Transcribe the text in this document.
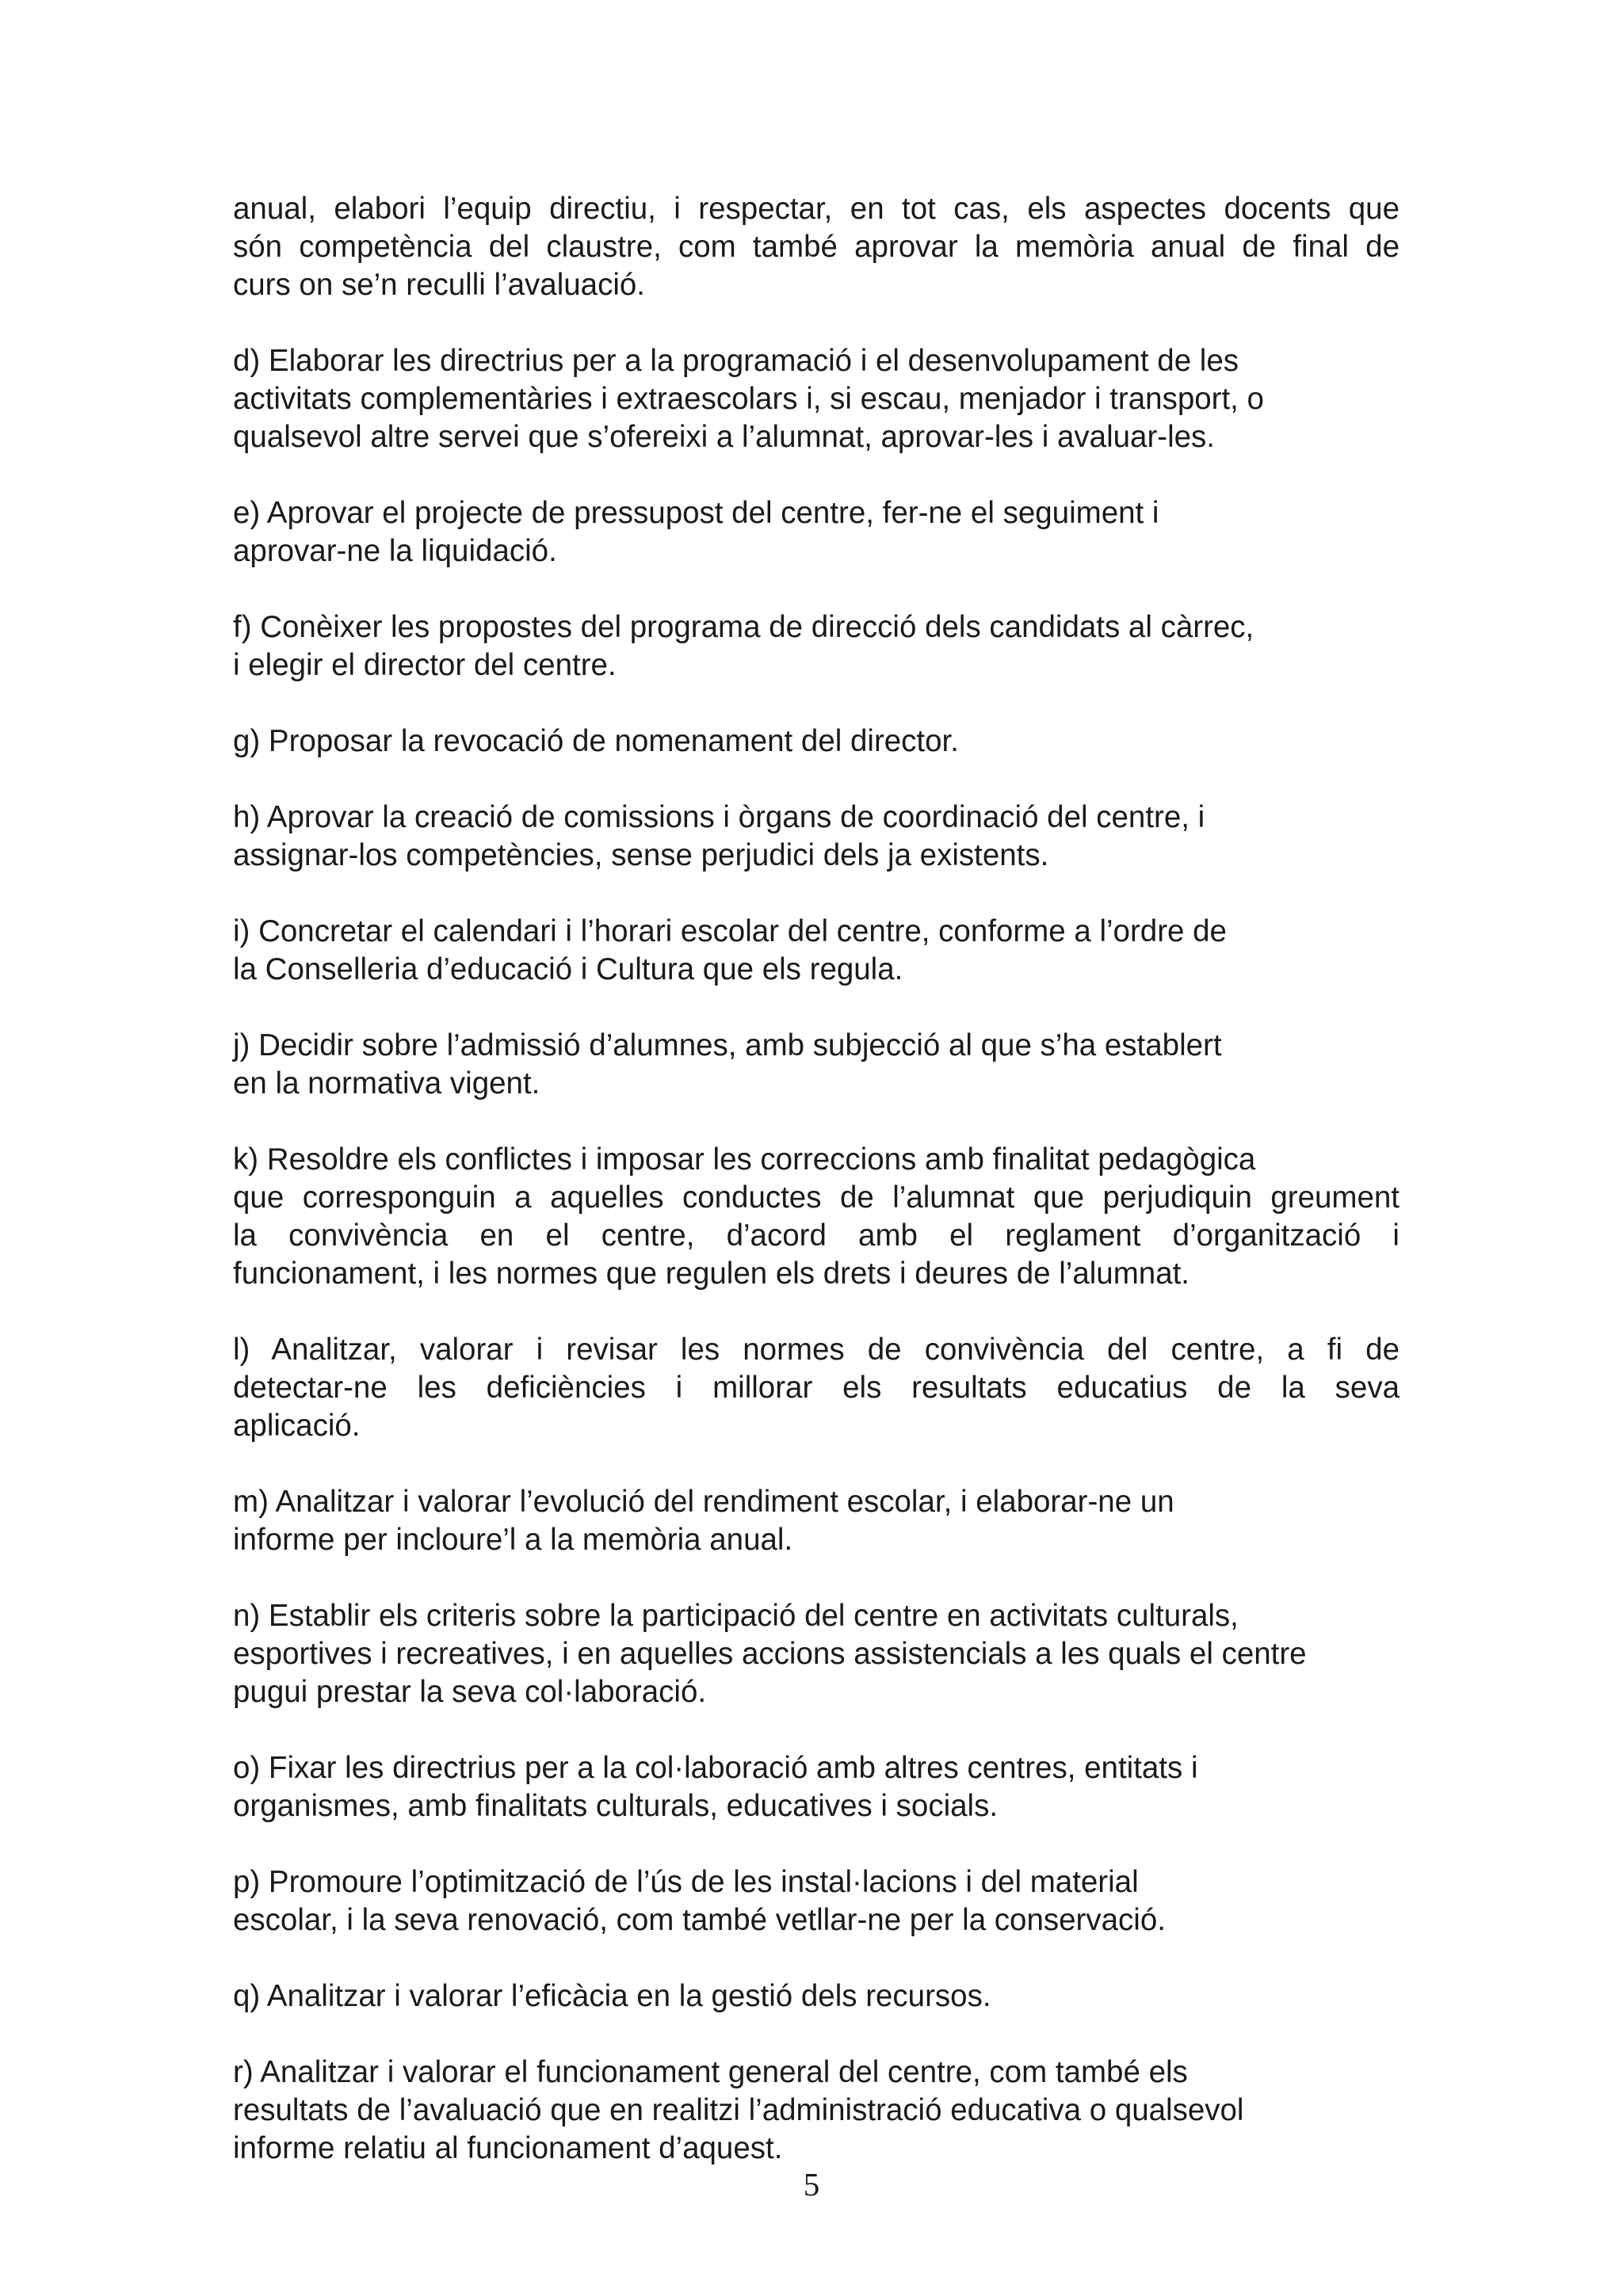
anual, elabori l’equip directiu, i respectar, en tot cas, els aspectes docents que
són competència del claustre, com també aprovar la memòria anual de final de
curs on se’n reculli l’avaluació.

d) Elaborar les directrius per a la programació i el desenvolupament de les
activitats complementàries i extraescolars i, si escau, menjador i transport, o
qualsevol altre servei que s’ofereixi a l’alumnat, aprovar-les i avaluar-les.

e) Aprovar el projecte de pressupost del centre, fer-ne el seguiment i
aprovar-ne la liquidació.

f) Conèixer les propostes del programa de direcció dels candidats al càrrec,
i elegir el director del centre.

g) Proposar la revocació de nomenament del director.

h) Aprovar la creació de comissions i òrgans de coordinació del centre, i
assignar-los competències, sense perjudici dels ja existents.

i) Concretar el calendari i l’horari escolar del centre, conforme a l’ordre de
la Conselleria d’educació i Cultura que els regula.

j) Decidir sobre l’admissió d’alumnes, amb subjecció al que s’ha establert
en la normativa vigent.

k) Resoldre els conflictes i imposar les correccions amb finalitat pedagògica
que corresponguin a aquelles conductes de l’alumnat que perjudiquin greument
la convivència en el centre, d’acord amb el reglament d’organització i
funcionament, i les normes que regulen els drets i deures de l’alumnat.

l) Analitzar, valorar i revisar les normes de convivència del centre, a fi de
detectar-ne les deficiències i millorar els resultats educatius de la seva
aplicació.

m) Analitzar i valorar l’evolució del rendiment escolar, i elaborar-ne un
informe per incloure’l a la memòria anual.

n) Establir els criteris sobre la participació del centre en activitats culturals,
esportives i recreatives, i en aquelles accions assistencials a les quals el centre
pugui prestar la seva col·laboració.

o) Fixar les directrius per a la col·laboració amb altres centres, entitats i
organismes, amb finalitats culturals, educatives i socials.

p) Promoure l’optimització de l’ús de les instal·lacions i del material
escolar, i la seva renovació, com també vetllar-ne per la conservació.

q) Analitzar i valorar l’eficàcia en la gestió dels recursos.

r) Analitzar i valorar el funcionament general del centre, com també els
resultats de l’avaluació que en realitzi l’administració educativa o qualsevol
informe relatiu al funcionament d’aquest.

5
